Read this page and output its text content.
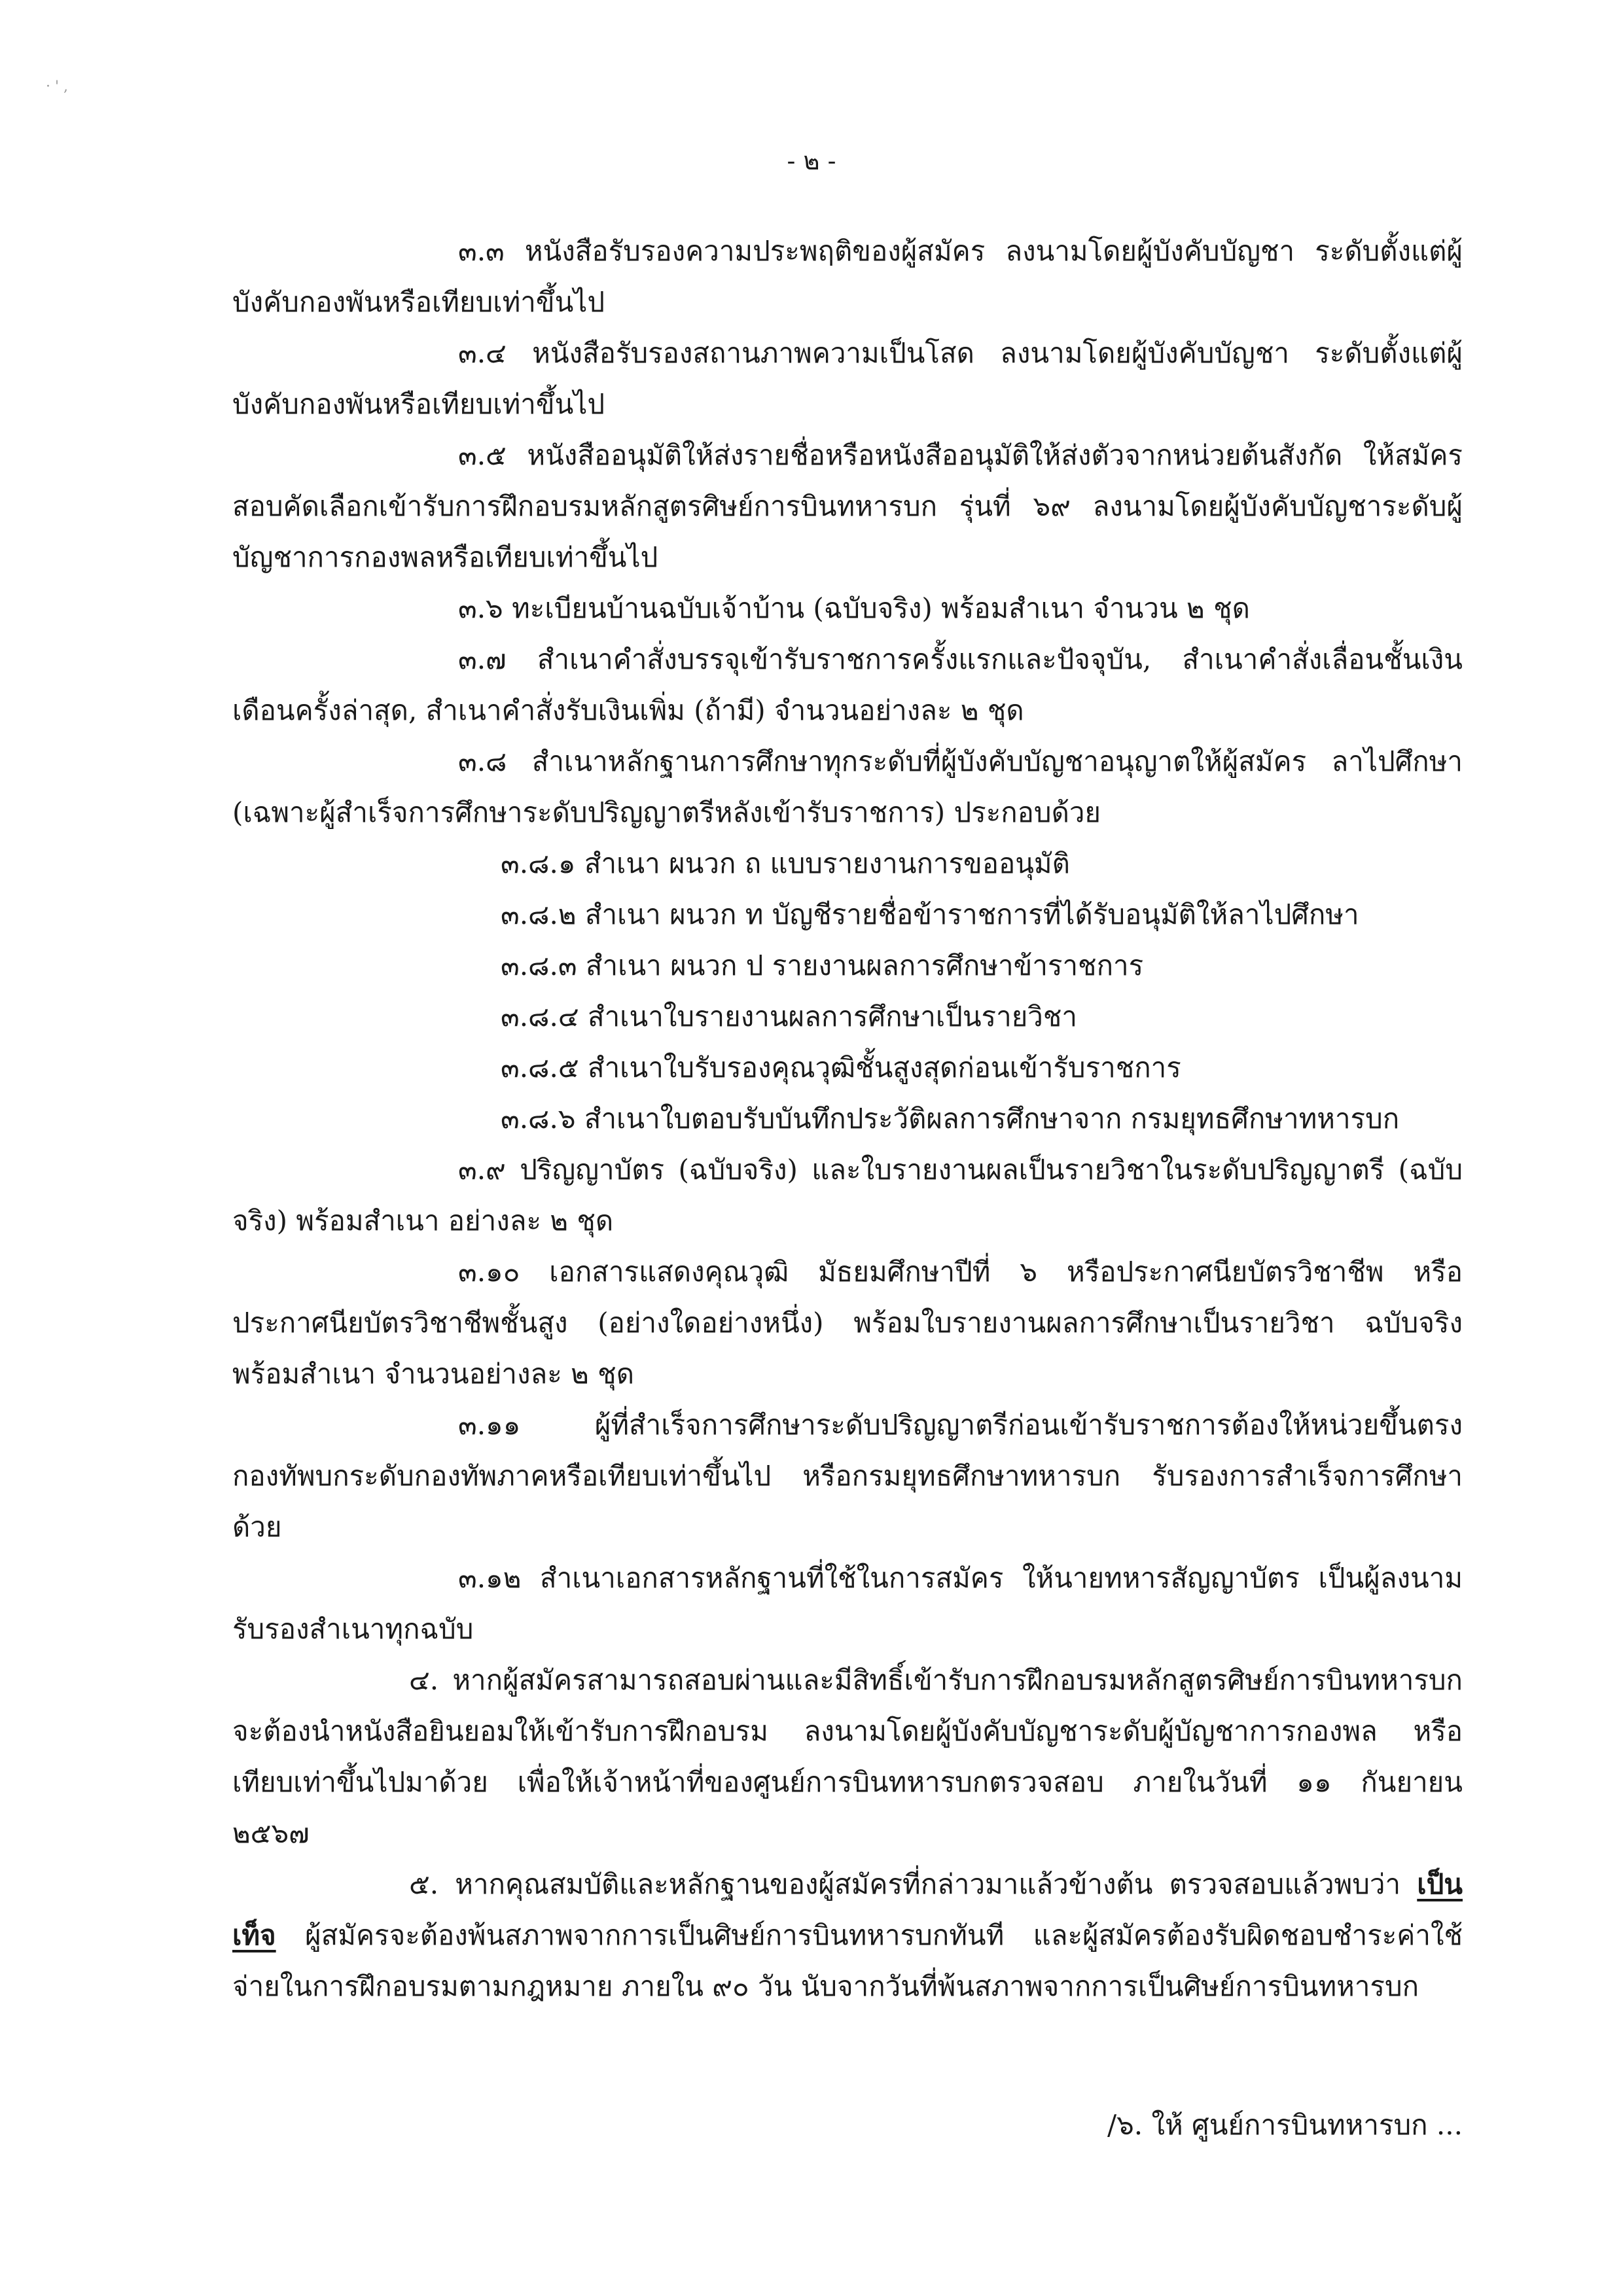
· ' ,
- ๒ -

๓.๓ หนังสือรับรองความประพฤติของผู้สมัคร ลงนามโดยผู้บังคับบัญชา ระดับตั้งแต่ผู้บังคับกองพันหรือเทียบเท่าขึ้นไป

๓.๔ หนังสือรับรองสถานภาพความเป็นโสด ลงนามโดยผู้บังคับบัญชา ระดับตั้งแต่ผู้บังคับกองพันหรือเทียบเท่าขึ้นไป

๓.๕ หนังสืออนุมัติให้ส่งรายชื่อหรือหนังสืออนุมัติให้ส่งตัวจากหน่วยต้นสังกัด ให้สมัครสอบคัดเลือกเข้ารับการฝึกอบรมหลักสูตรศิษย์การบินทหารบก รุ่นที่ ๖๙ ลงนามโดยผู้บังคับบัญชาระดับผู้บัญชาการกองพลหรือเทียบเท่าขึ้นไป

๓.๖ ทะเบียนบ้านฉบับเจ้าบ้าน (ฉบับจริง) พร้อมสำเนา จำนวน ๒ ชุด

๓.๗ สำเนาคำสั่งบรรจุเข้ารับราชการครั้งแรกและปัจจุบัน, สำเนาคำสั่งเลื่อนชั้นเงินเดือนครั้งล่าสุด, สำเนาคำสั่งรับเงินเพิ่ม (ถ้ามี) จำนวนอย่างละ ๒ ชุด

๓.๘ สำเนาหลักฐานการศึกษาทุกระดับที่ผู้บังคับบัญชาอนุญาตให้ผู้สมัคร ลาไปศึกษา (เฉพาะผู้สำเร็จการศึกษาระดับปริญญาตรีหลังเข้ารับราชการ) ประกอบด้วย

๓.๘.๑ สำเนา ผนวก ถ แบบรายงานการขออนุมัติ

๓.๘.๒ สำเนา ผนวก ท บัญชีรายชื่อข้าราชการที่ได้รับอนุมัติให้ลาไปศึกษา

๓.๘.๓ สำเนา ผนวก ป รายงานผลการศึกษาข้าราชการ

๓.๘.๔ สำเนาใบรายงานผลการศึกษาเป็นรายวิชา

๓.๘.๕ สำเนาใบรับรองคุณวุฒิชั้นสูงสุดก่อนเข้ารับราชการ

๓.๘.๖ สำเนาใบตอบรับบันทึกประวัติผลการศึกษาจาก กรมยุทธศึกษาทหารบก

๓.๙ ปริญญาบัตร (ฉบับจริง) และใบรายงานผลเป็นรายวิชาในระดับปริญญาตรี (ฉบับจริง) พร้อมสำเนา อย่างละ ๒ ชุด

๓.๑๐ เอกสารแสดงคุณวุฒิ มัธยมศึกษาปีที่ ๖ หรือประกาศนียบัตรวิชาชีพ หรือประกาศนียบัตรวิชาชีพชั้นสูง (อย่างใดอย่างหนึ่ง) พร้อมใบรายงานผลการศึกษาเป็นรายวิชา ฉบับจริง พร้อมสำเนา จำนวนอย่างละ ๒ ชุด

๓.๑๑ ผู้ที่สำเร็จการศึกษาระดับปริญญาตรีก่อนเข้ารับราชการต้องให้หน่วยขึ้นตรงกองทัพบกระดับกองทัพภาคหรือเทียบเท่าขึ้นไป หรือกรมยุทธศึกษาทหารบก รับรองการสำเร็จการศึกษาด้วย

๓.๑๒ สำเนาเอกสารหลักฐานที่ใช้ในการสมัคร ให้นายทหารสัญญาบัตร เป็นผู้ลงนามรับรองสำเนาทุกฉบับ

๔. หากผู้สมัครสามารถสอบผ่านและมีสิทธิ์เข้ารับการฝึกอบรมหลักสูตรศิษย์การบินทหารบกจะต้องนำหนังสือยินยอมให้เข้ารับการฝึกอบรม ลงนามโดยผู้บังคับบัญชาระดับผู้บัญชาการกองพล หรือเทียบเท่าขึ้นไปมาด้วย เพื่อให้เจ้าหน้าที่ของศูนย์การบินทหารบกตรวจสอบ ภายในวันที่ ๑๑ กันยายน ๒๕๖๗

๕. หากคุณสมบัติและหลักฐานของผู้สมัครที่กล่าวมาแล้วข้างต้น ตรวจสอบแล้วพบว่า เป็นเท็จ ผู้สมัครจะต้องพ้นสภาพจากการเป็นศิษย์การบินทหารบกทันที และผู้สมัครต้องรับผิดชอบชำระค่าใช้จ่ายในการฝึกอบรมตามกฎหมาย ภายใน ๙๐ วัน นับจากวันที่พ้นสภาพจากการเป็นศิษย์การบินทหารบก

/๖. ให้ ศูนย์การบินทหารบก ...
